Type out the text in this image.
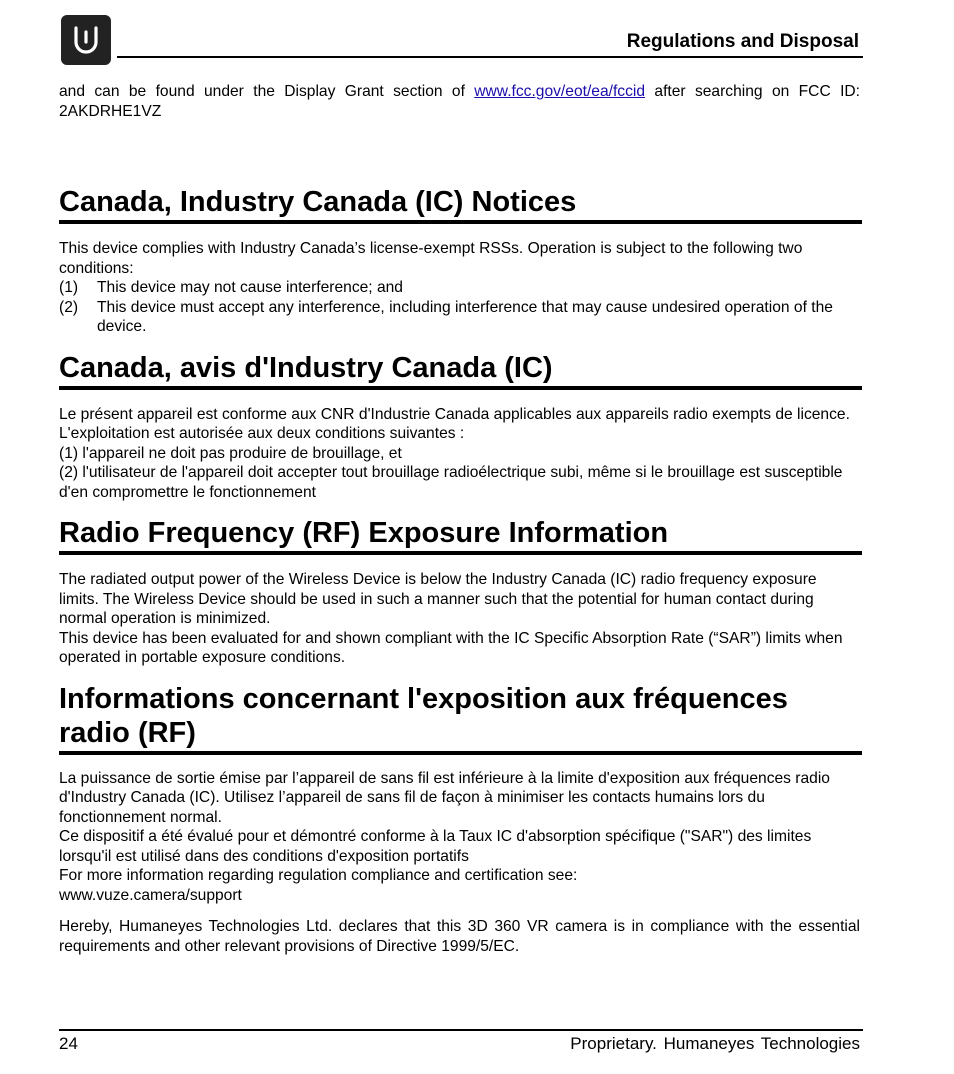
Regulations and Disposal

and can be found under the Display Grant section of www.fcc.gov/eot/ea/fccid after searching on FCC ID: 2AKDRHE1VZ

Canada, Industry Canada (IC) Notices

This device complies with Industry Canada’s license-exempt RSSs. Operation is subject to the following two conditions:

(1)	This device may not cause interference; and
(2)	This device must accept any interference, including interference that may cause undesired operation of the device.
Canada, avis d'Industry Canada (IC)

Le présent appareil est conforme aux CNR d'Industrie Canada applicables aux appareils radio exempts de licence. L'exploitation est autorisée aux deux conditions suivantes :

(1) l'appareil ne doit pas produire de brouillage, et

(2) l'utilisateur de l'appareil doit accepter tout brouillage radioélectrique subi, même si le brouillage est susceptible d'en compromettre le fonctionnement

Radio Frequency (RF) Exposure Information

The radiated output power of the Wireless Device is below the Industry Canada (IC) radio frequency exposure limits. The Wireless Device should be used in such a manner such that the potential for human contact during normal operation is minimized.

This device has been evaluated for and shown compliant with the IC Specific Absorption Rate (“SAR”) limits when operated in portable exposure conditions.

Informations concernant l'exposition aux fréquences radio (RF)

La puissance de sortie émise par l’appareil de sans fil est inférieure à la limite d'exposition aux fréquences radio d'Industry Canada (IC). Utilisez l’appareil de sans fil de façon à minimiser les contacts humains lors du fonctionnement normal.

Ce dispositif a été évalué pour et démontré conforme à la Taux IC d'absorption spécifique ("SAR") des limites lorsqu'il est utilisé dans des conditions d'exposition portatifs

For more information regarding regulation compliance and certification see:

www.vuze.camera/support

Hereby, Humaneyes Technologies Ltd. declares that this 3D 360 VR camera is in compliance with the essential requirements and other relevant provisions of Directive 1999/5/EC.

24	Proprietary. Humaneyes Technologies
